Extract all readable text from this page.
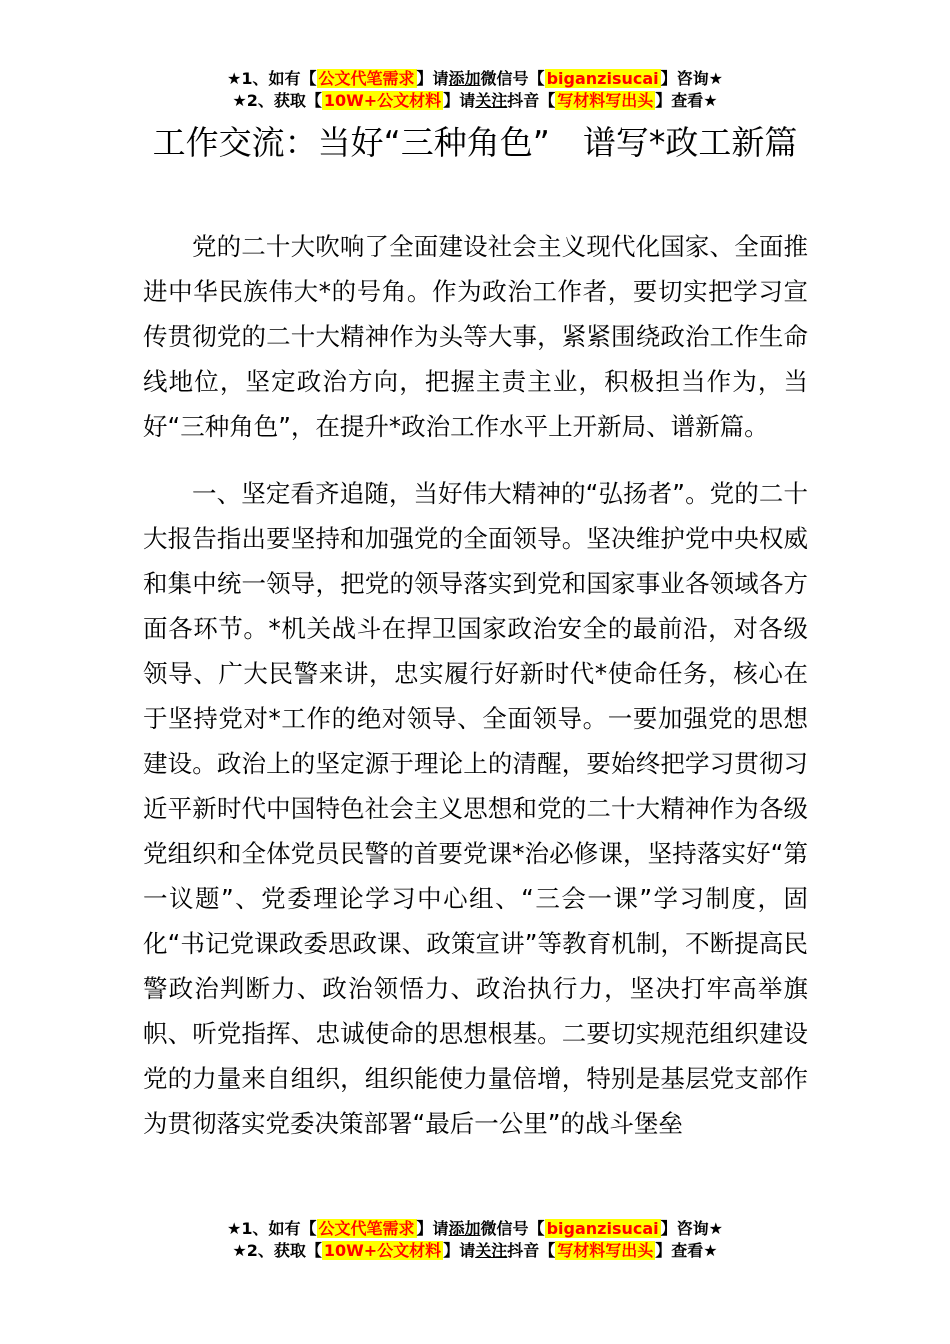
★1、如有【 公文代笔需求 】请添加微信号【 biganzisucai 】咨询★
★2、获取【 10W+公文材料 】请关注抖音【 写材料写出头 】查看★
工作交流：当好“三种角色”　谱写*政工新篇

党的二十大吹响了全面建设社会主义现代化国家、全面推进中华民族伟大*的号角。作为政治工作者，要切实把学习宣传贯彻党的二十大精神作为头等大事，紧紧围绕政治工作生命线地位，坚定政治方向，把握主责主业，积极担当作为，当好“三种角色”，在提升*政治工作水平上开新局、谱新篇。

一、坚定看齐追随，当好伟大精神的“弘扬者”。党的二十大报告指出要坚持和加强党的全面领导。坚决维护党中央权威和集中统一领导，把党的领导落实到党和国家事业各领域各方面各环节。*机关战斗在捍卫国家政治安全的最前沿，对各级领导、广大民警来讲，忠实履行好新时代*使命任务，核心在于坚持党对*工作的绝对领导、全面领导。一要加强党的思想建设。政治上的坚定源于理论上的清醒，要始终把学习贯彻习近平新时代中国特色社会主义思想和党的二十大精神作为各级党组织和全体党员民警的首要党课*治必修课，坚持落实好“第一议题”、党委理论学习中心组、“三会一课”学习制度，固化“书记党课政委思政课、政策宣讲”等教育机制，不断提高民警政治判断力、政治领悟力、政治执行力，坚决打牢高举旗帜、听党指挥、忠诚使命的思想根基。二要切实规范组织建设党的力量来自组织，组织能使力量倍增，特别是基层党支部作为贯彻落实党委决策部署“最后一公里”的战斗堡垒

★1、如有【 公文代笔需求 】请添加微信号【 biganzisucai 】咨询★
★2、获取【 10W+公文材料 】请关注抖音【 写材料写出头 】查看★
